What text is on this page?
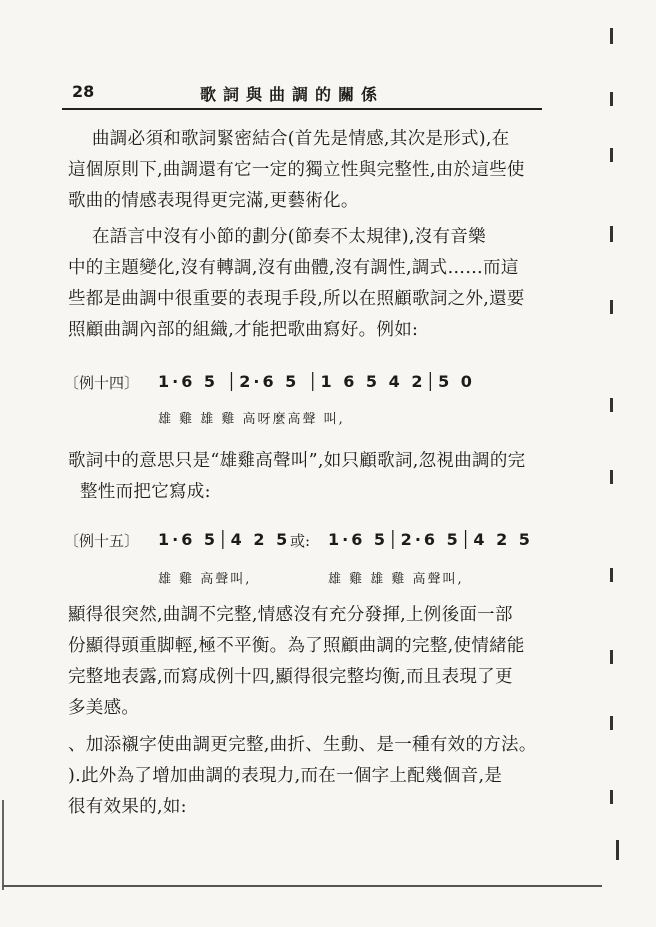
28	歌詞與曲調的關係
曲調必須和歌詞緊密結合(首先是情感,其次是形式),在
這個原則下,曲調還有它一定的獨立性與完整性,由於這些使
歌曲的情感表現得更完滿,更藝術化。
在語言中沒有小節的劃分(節奏不太規律),沒有音樂
中的主題變化,沒有轉調,沒有曲體,沒有調性,調式……而這
些都是曲調中很重要的表現手段,所以在照顧歌詞之外,還要
照顧曲調內部的組織,才能把歌曲寫好。例如:
〔例十四〕 1·6 5 │2·6 5 │1 6 5 4 2│5 0
雄 雞 雄 雞 高呀麼高聲 叫,
歌詞中的意思只是“雄雞高聲叫”,如只顧歌詞,忽視曲調的完
整性而把它寫成:
〔例十五〕 1·6 5│4 2 5 或: 1·6 5│2·6 5│4 2 5
雄 雞 高聲叫,	雄 雞 雄 雞 高聲叫,
顯得很突然,曲調不完整,情感沒有充分發揮,上例後面一部
份顯得頭重脚輕,極不平衡。為了照顧曲調的完整,使情緒能
完整地表露,而寫成例十四,顯得很完整均衡,而且表現了更
多美感。
、加添襯字使曲調更完整,曲折、生動、是一種有效的方法。
).此外為了增加曲調的表現力,而在一個字上配幾個音,是
很有效果的,如:
